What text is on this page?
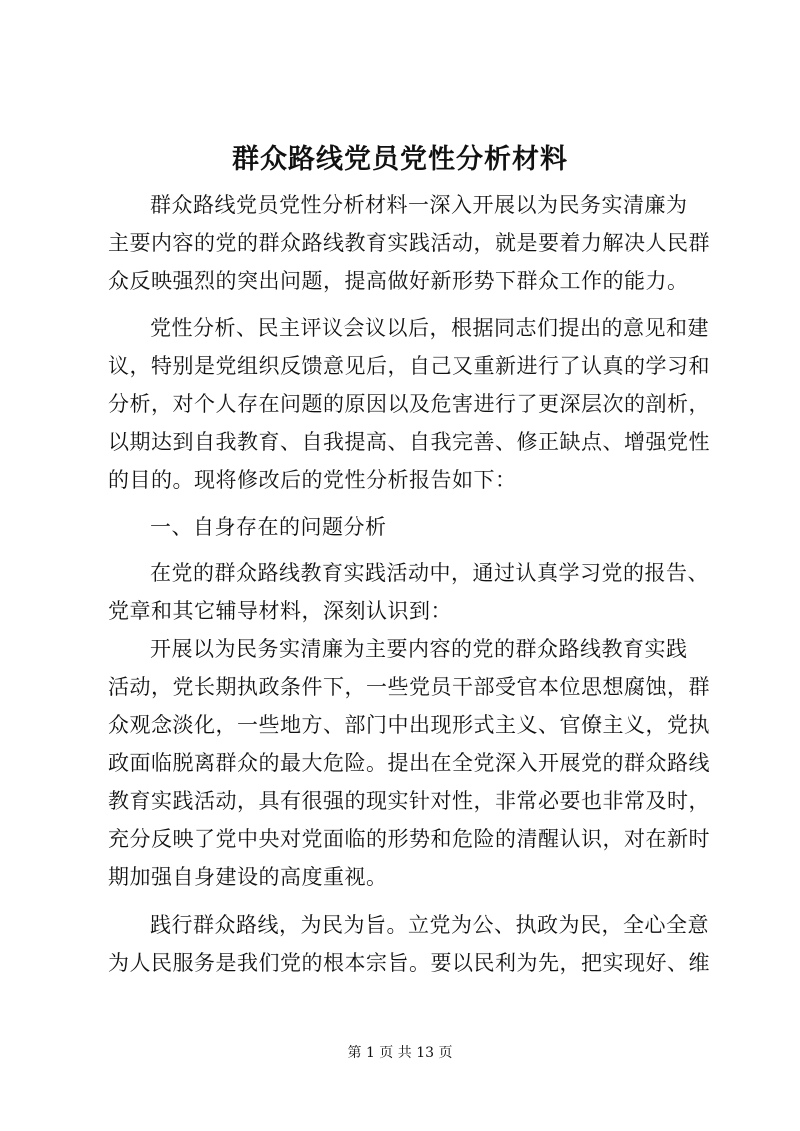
群众路线党员党性分析材料
群众路线党员党性分析材料一深入开展以为民务实清廉为
主要内容的党的群众路线教育实践活动，就是要着力解决人民群
众反映强烈的突出问题，提高做好新形势下群众工作的能力。
党性分析、民主评议会议以后，根据同志们提出的意见和建
议，特别是党组织反馈意见后，自己又重新进行了认真的学习和
分析，对个人存在问题的原因以及危害进行了更深层次的剖析，
以期达到自我教育、自我提高、自我完善、修正缺点、增强党性
的目的。现将修改后的党性分析报告如下：
一、自身存在的问题分析
在党的群众路线教育实践活动中，通过认真学习党的报告、
党章和其它辅导材料，深刻认识到：
开展以为民务实清廉为主要内容的党的群众路线教育实践
活动，党长期执政条件下，一些党员干部受官本位思想腐蚀，群
众观念淡化，一些地方、部门中出现形式主义、官僚主义，党执
政面临脱离群众的最大危险。提出在全党深入开展党的群众路线
教育实践活动，具有很强的现实针对性，非常必要也非常及时，
充分反映了党中央对党面临的形势和危险的清醒认识，对在新时
期加强自身建设的高度重视。
践行群众路线，为民为旨。立党为公、执政为民，全心全意
为人民服务是我们党的根本宗旨。要以民利为先，把实现好、维
第 1 页 共 13 页
